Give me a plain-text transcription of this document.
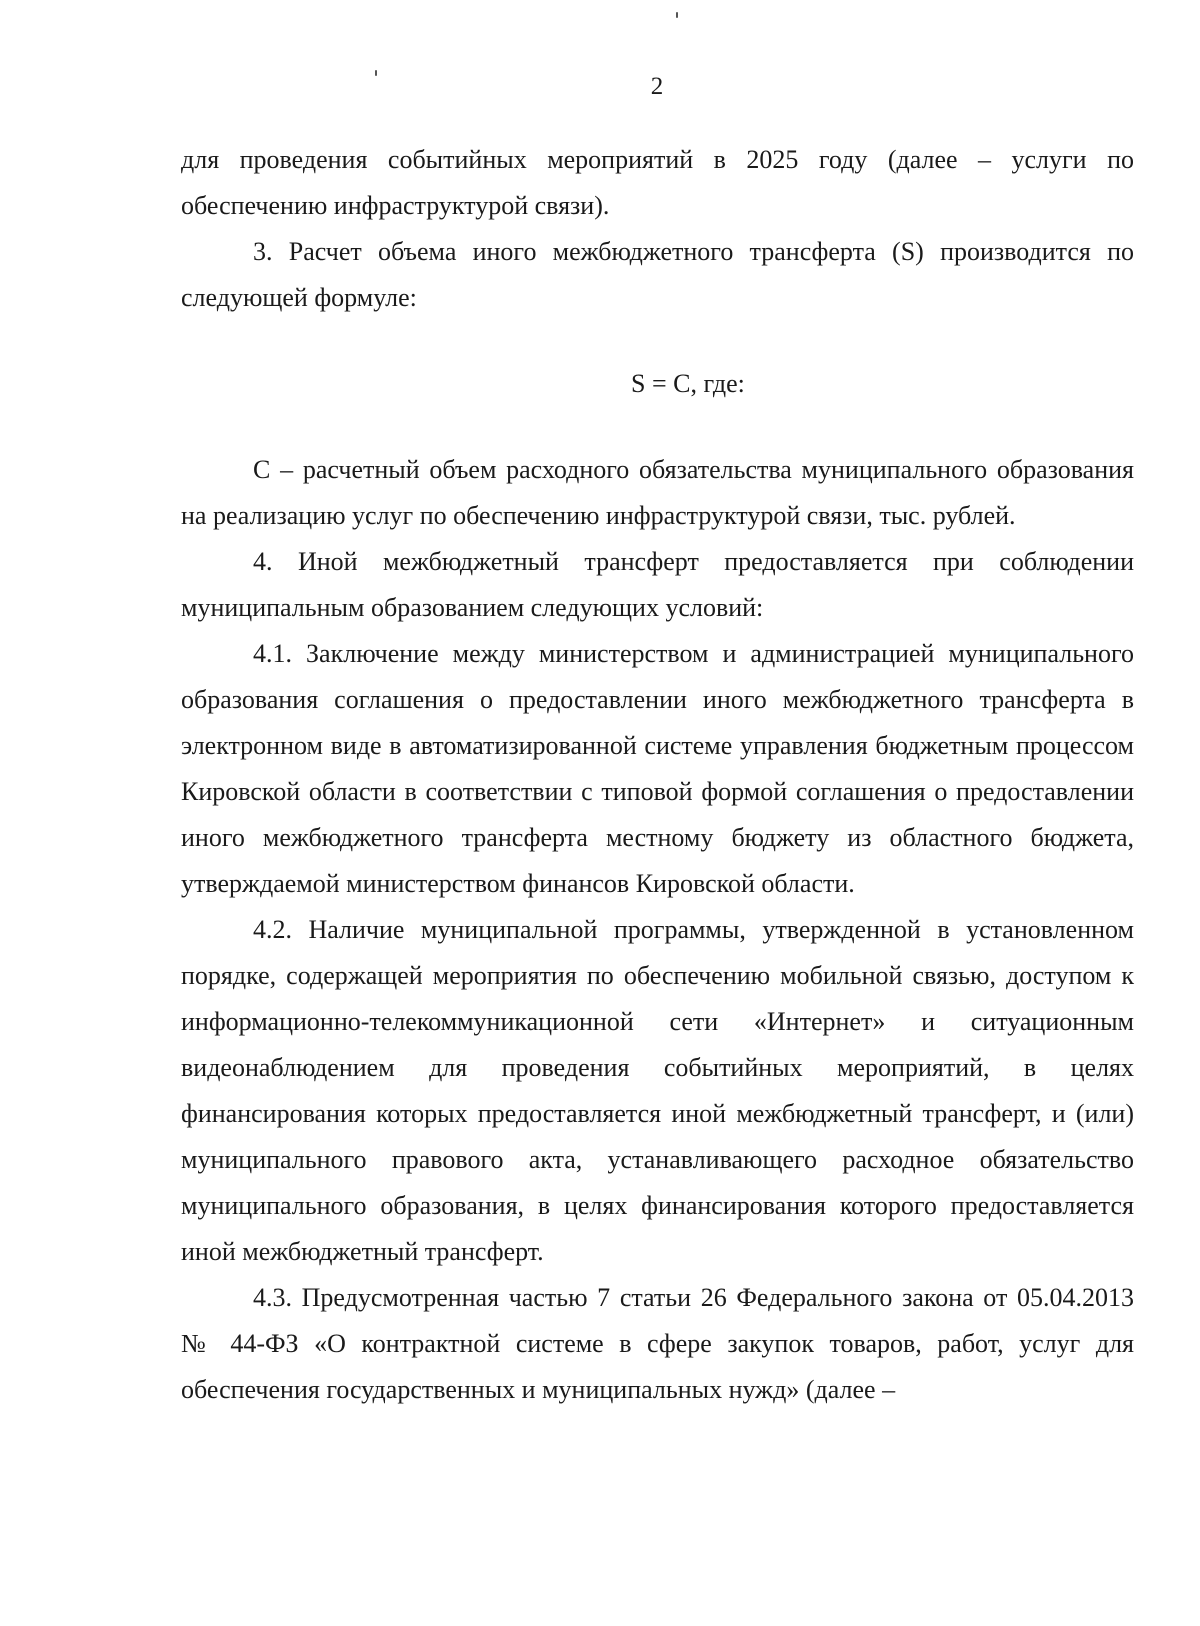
2

для проведения событийных мероприятий в 2025 году (далее – услуги по обеспечению инфраструктурой связи).

3. Расчет объема иного межбюджетного трансферта (S) производится по следующей формуле:

S = C, где:

C – расчетный объем расходного обязательства муниципального образования на реализацию услуг по обеспечению инфраструктурой связи, тыс. рублей.

4. Иной межбюджетный трансферт предоставляется при соблюдении муниципальным образованием следующих условий:

4.1. Заключение между министерством и администрацией муниципального образования соглашения о предоставлении иного межбюджетного трансферта в электронном виде в автоматизированной системе управления бюджетным процессом Кировской области в соответствии с типовой формой соглашения о предоставлении иного межбюджетного трансферта местному бюджету из областного бюджета, утверждаемой министерством финансов Кировской области.

4.2. Наличие муниципальной программы, утвержденной в установленном порядке, содержащей мероприятия по обеспечению мобильной связью, доступом к информационно-телекоммуникационной сети «Интернет» и ситуационным видеонаблюдением для проведения событийных мероприятий, в целях финансирования которых предоставляется иной межбюджетный трансферт, и (или) муниципального правового акта, устанавливающего расходное обязательство муниципального образования, в целях финансирования которого предоставляется иной межбюджетный трансферт.

4.3. Предусмотренная частью 7 статьи 26 Федерального закона от 05.04.2013 № 44-ФЗ «О контрактной системе в сфере закупок товаров, работ, услуг для обеспечения государственных и муниципальных нужд» (далее –
